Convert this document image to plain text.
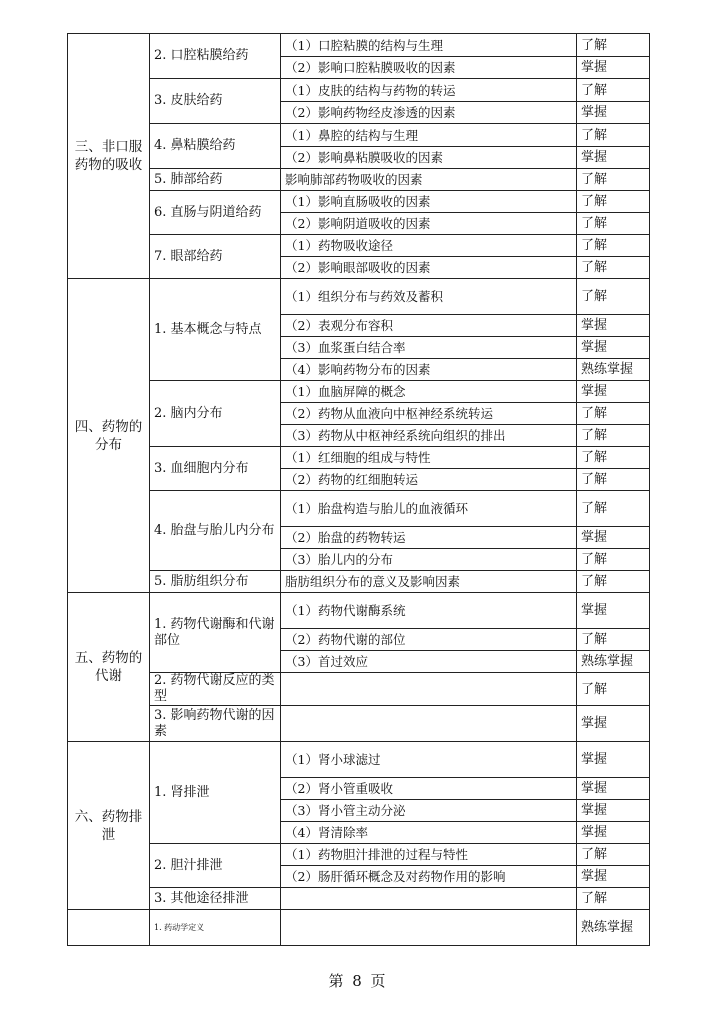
三、非口服药物的吸收	2. 口腔粘膜给药	（1）口腔粘膜的结构与生理	了解
		（2）影响口腔粘膜吸收的因素	掌握
	3. 皮肤给药	（1）皮肤的结构与药物的转运	了解
		（2）影响药物经皮渗透的因素	掌握
	4. 鼻粘膜给药	（1）鼻腔的结构与生理	了解
		（2）影响鼻粘膜吸收的因素	掌握
	5. 肺部给药	影响肺部药物吸收的因素	了解
	6. 直肠与阴道给药	（1）影响直肠吸收的因素	了解
		（2）影响阴道吸收的因素	了解
	7. 眼部给药	（1）药物吸收途径	了解
		（2）影响眼部吸收的因素	了解
四、药物的分布	1. 基本概念与特点	（1）组织分布与药效及蓄积	了解
		（2）表观分布容积	掌握
		（3）血浆蛋白结合率	掌握
		（4）影响药物分布的因素	熟练掌握
	2. 脑内分布	（1）血脑屏障的概念	掌握
		（2）药物从血液向中枢神经系统转运	了解
		（3）药物从中枢神经系统向组织的排出	了解
	3. 血细胞内分布	（1）红细胞的组成与特性	了解
		（2）药物的红细胞转运	了解
	4. 胎盘与胎儿内分布	（1）胎盘构造与胎儿的血液循环	了解
		（2）胎盘的药物转运	掌握
		（3）胎儿内的分布	了解
	5. 脂肪组织分布	脂肪组织分布的意义及影响因素	了解
五、药物的代谢	1. 药物代谢酶和代谢部位	（1）药物代谢酶系统	掌握
		（2）药物代谢的部位	了解
		（3）首过效应	熟练掌握
	2. 药物代谢反应的类型		了解
	3. 影响药物代谢的因素		掌握
六、药物排泄	1. 肾排泄	（1）肾小球滤过	掌握
		（2）肾小管重吸收	掌握
		（3）肾小管主动分泌	掌握
		（4）肾清除率	掌握
	2. 胆汁排泄	（1）药物胆汁排泄的过程与特性	了解
		（2）肠肝循环概念及对药物作用的影响	掌握
	3. 其他途径排泄		了解
	1. 药动学定义		熟练掌握
第 8 页
